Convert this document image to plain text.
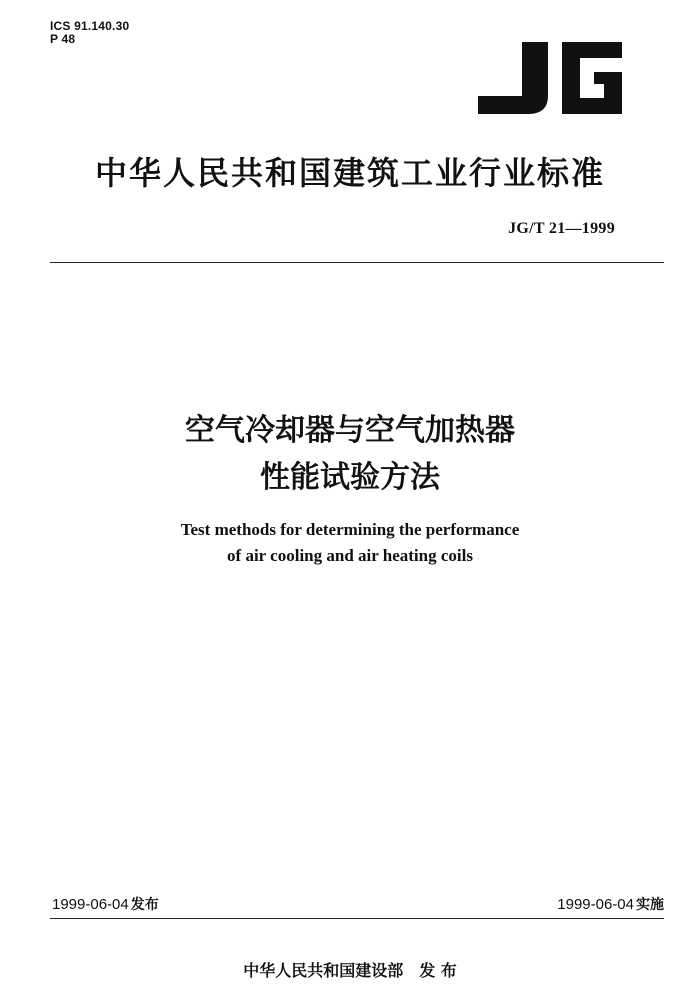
ICS 91.140.30
P 48
中华人民共和国建筑工业行业标准
JG/T 21—1999
空气冷却器与空气加热器
性能试验方法
Test methods for determining the performance
of air cooling and air heating coils
1999-06-04 发布	1999-06-04 实施
中华人民共和国建设部 发 布
